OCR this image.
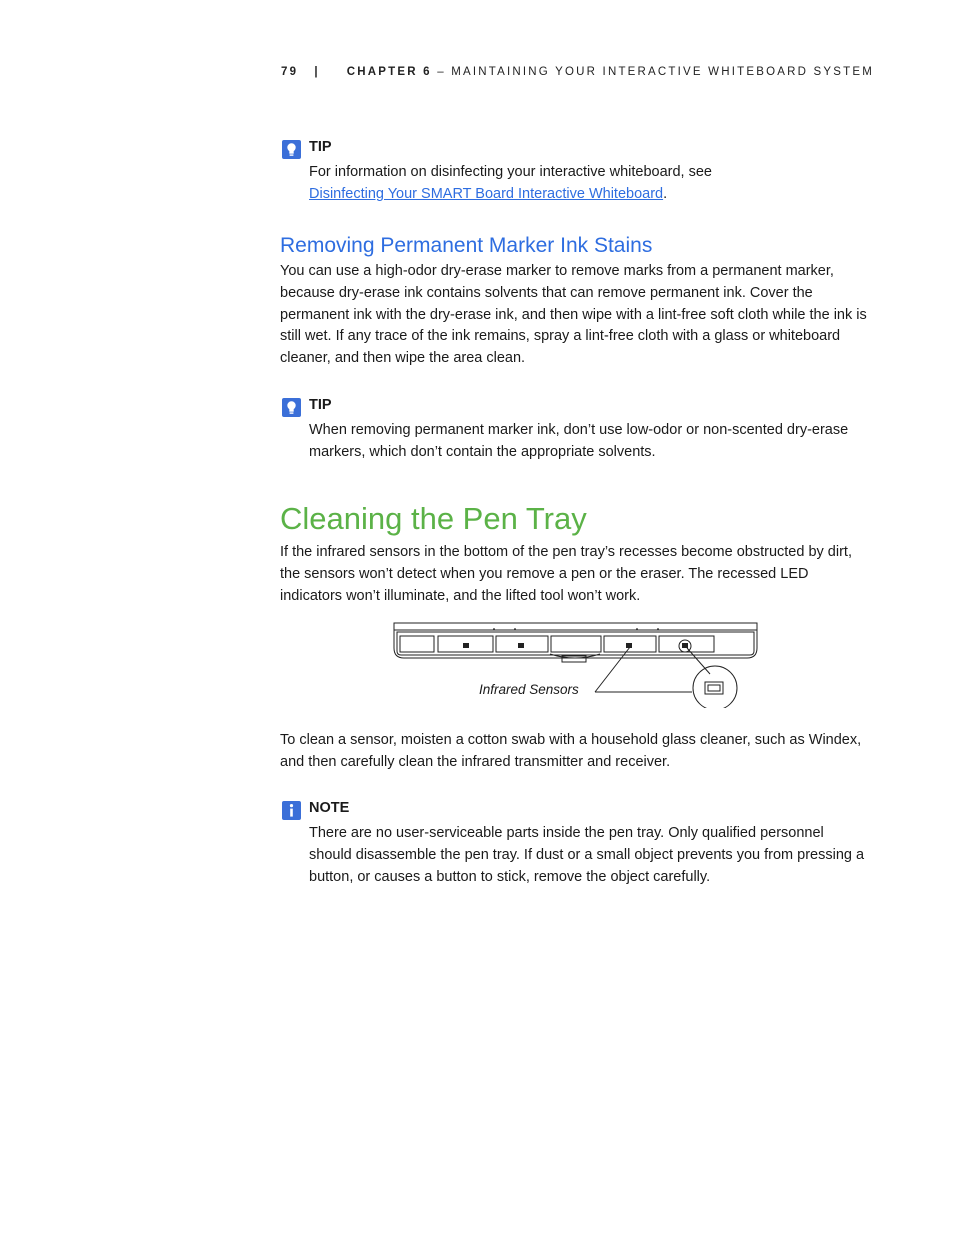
79 | CHAPTER 6 – MAINTAINING YOUR INTERACTIVE WHITEBOARD SYSTEM
TIP
For information on disinfecting your interactive whiteboard, see
Disinfecting Your SMART Board Interactive Whiteboard.
Removing Permanent Marker Ink Stains
You can use a high-odor dry-erase marker to remove marks from a permanent marker, because dry-erase ink contains solvents that can remove permanent ink. Cover the permanent ink with the dry-erase ink, and then wipe with a lint-free soft cloth while the ink is still wet. If any trace of the ink remains, spray a lint-free cloth with a glass or whiteboard cleaner, and then wipe the area clean.
TIP
When removing permanent marker ink, don’t use low-odor or non-scented dry-erase markers, which don’t contain the appropriate solvents.
Cleaning the Pen Tray
If the infrared sensors in the bottom of the pen tray’s recesses become obstructed by dirt, the sensors won’t detect when you remove a pen or the eraser. The recessed LED indicators won’t illuminate, and the lifted tool won’t work.
Infrared Sensors
To clean a sensor, moisten a cotton swab with a household glass cleaner, such as Windex, and then carefully clean the infrared transmitter and receiver.
NOTE
There are no user-serviceable parts inside the pen tray. Only qualified personnel should disassemble the pen tray. If dust or a small object prevents you from pressing a button, or causes a button to stick, remove the object carefully.
